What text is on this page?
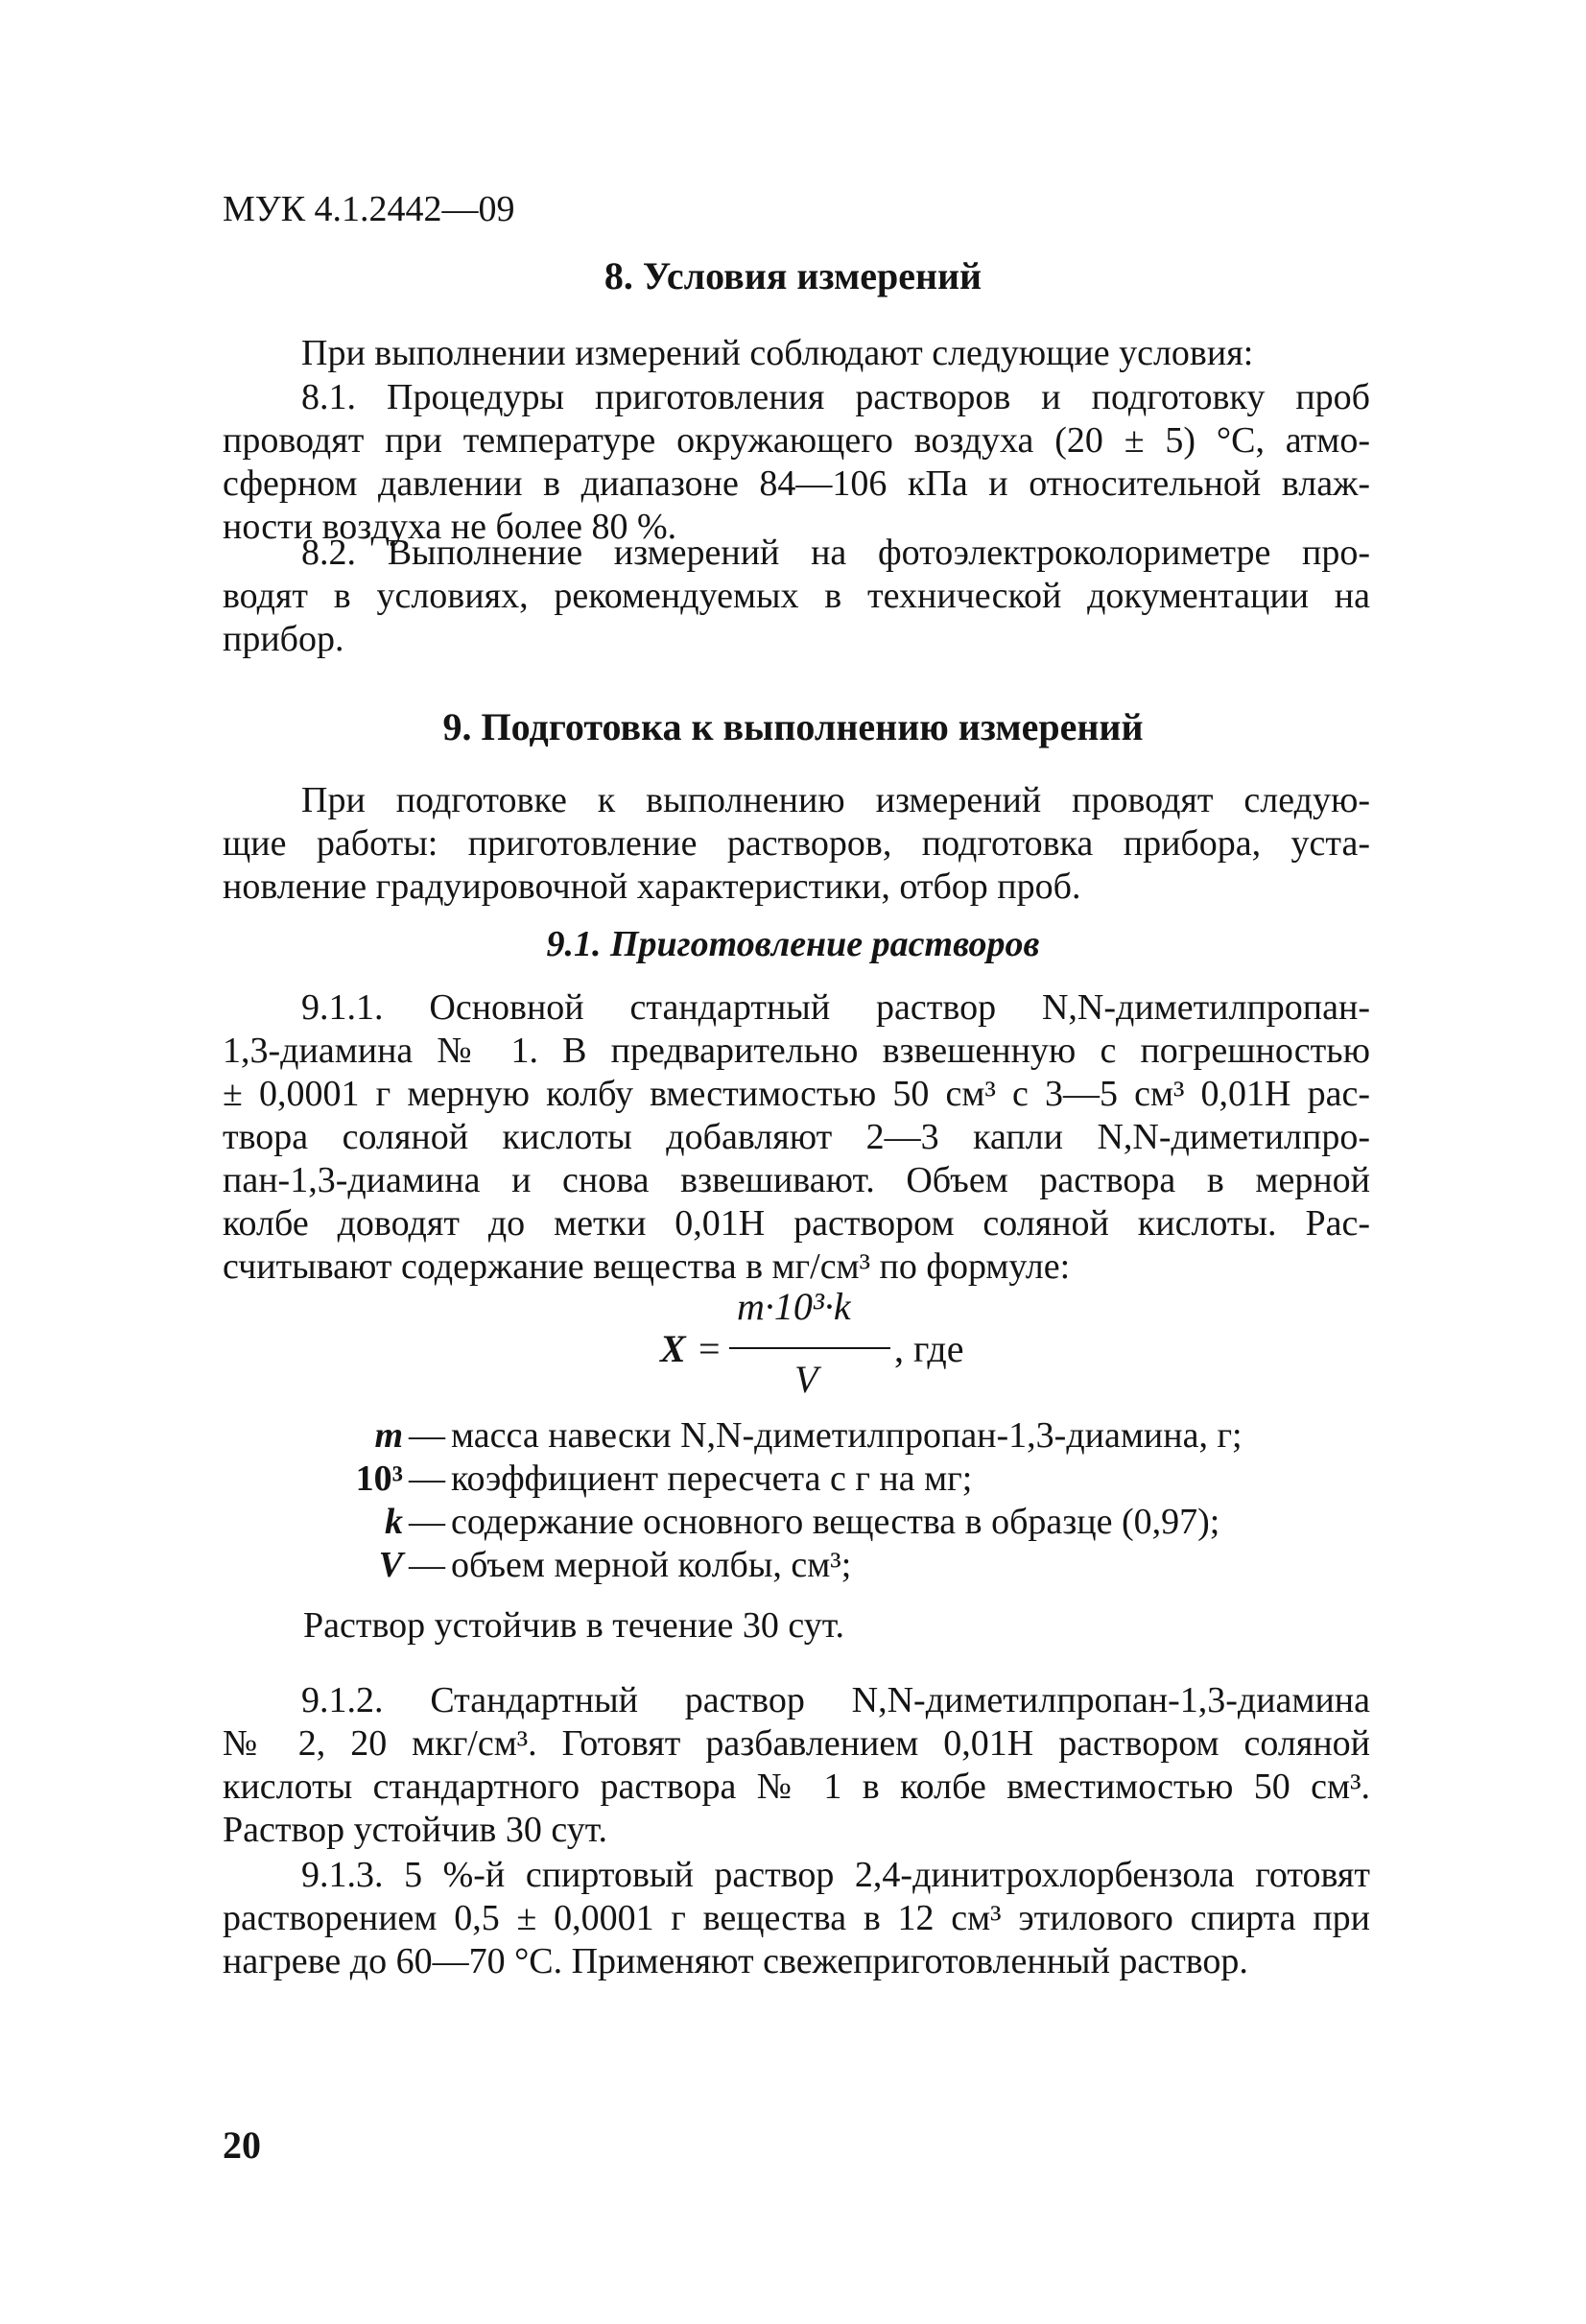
МУК 4.1.2442—09
8. Условия измерений
При выполнении измерений соблюдают следующие условия:
8.1. Процедуры приготовления растворов и подготовку проб
проводят при температуре окружающего воздуха (20 ± 5) °С, атмо-
сферном давлении в диапазоне 84—106 кПа и относительной влаж-
ности воздуха не более 80 %.
8.2. Выполнение измерений на фотоэлектроколориметре про-
водят в условиях, рекомендуемых в технической документации на
прибор.
9. Подготовка к выполнению измерений
При подготовке к выполнению измерений проводят следую-
щие работы: приготовление растворов, подготовка прибора, уста-
новление градуировочной характеристики, отбор проб.
9.1. Приготовление растворов
9.1.1. Основной стандартный раствор N,N-диметилпропан-
1,3-диамина № 1. В предварительно взвешенную с погрешностью
± 0,0001 г мерную колбу вместимостью 50 см³ с 3—5 см³ 0,01Н рас-
твора соляной кислоты добавляют 2—3 капли N,N-диметилпро-
пан-1,3-диамина и снова взвешивают. Объем раствора в мерной
колбе доводят до метки 0,01Н раствором соляной кислоты. Рас-
считывают содержание вещества в мг/см³ по формуле:
X =
m·10³·k
V
, где
m — масса навески N,N-диметилпропан-1,3-диамина, г;
10³ — коэффициент пересчета с г на мг;
k — содержание основного вещества в образце (0,97);
V — объем мерной колбы, см³;
Раствор устойчив в течение 30 сут.
9.1.2. Стандартный раствор N,N-диметилпропан-1,3-диамина
№ 2, 20 мкг/см³. Готовят разбавлением 0,01Н раствором соляной
кислоты стандартного раствора № 1 в колбе вместимостью 50 см³.
Раствор устойчив 30 сут.
9.1.3. 5 %-й спиртовый раствор 2,4-динитрохлорбензола готовят
растворением 0,5 ± 0,0001 г вещества в 12 см³ этилового спирта при
нагреве до 60—70 °С. Применяют свежеприготовленный раствор.
20
